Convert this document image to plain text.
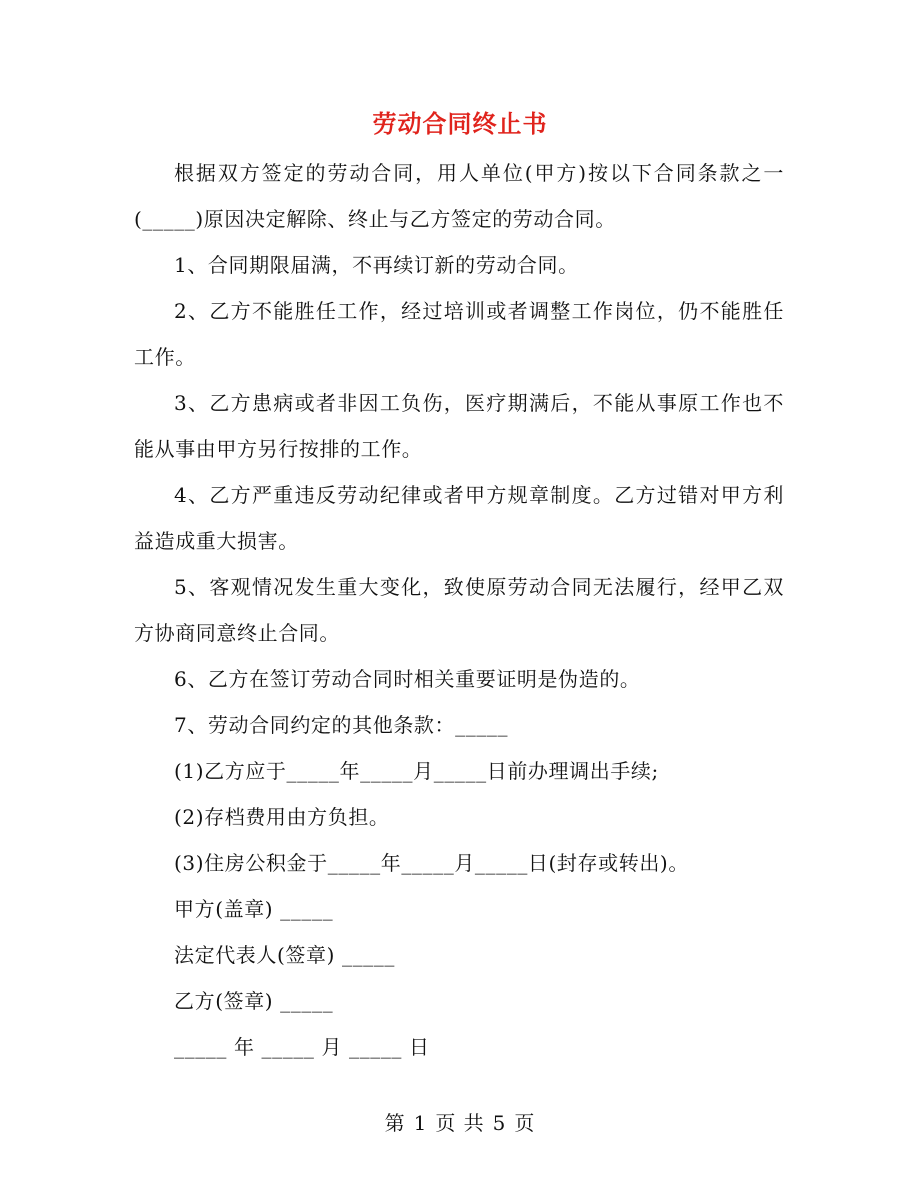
劳动合同终止书

根据双方签定的劳动合同，用人单位(甲方)按以下合同条款之一(_____)原因决定解除、终止与乙方签定的劳动合同。

1、合同期限届满，不再续订新的劳动合同。

2、乙方不能胜任工作，经过培训或者调整工作岗位，仍不能胜任工作。

3、乙方患病或者非因工负伤，医疗期满后，不能从事原工作也不能从事由甲方另行按排的工作。

4、乙方严重违反劳动纪律或者甲方规章制度。乙方过错对甲方利益造成重大损害。

5、客观情况发生重大变化，致使原劳动合同无法履行，经甲乙双方协商同意终止合同。

6、乙方在签订劳动合同时相关重要证明是伪造的。

7、劳动合同约定的其他条款：_____

(1)乙方应于_____年_____月_____日前办理调出手续;

(2)存档费用由方负担。

(3)住房公积金于_____年_____月_____日(封存或转出)。

甲方(盖章) _____

法定代表人(签章) _____

乙方(签章) _____

_____ 年 _____ 月 _____ 日

第 1 页 共 5 页
